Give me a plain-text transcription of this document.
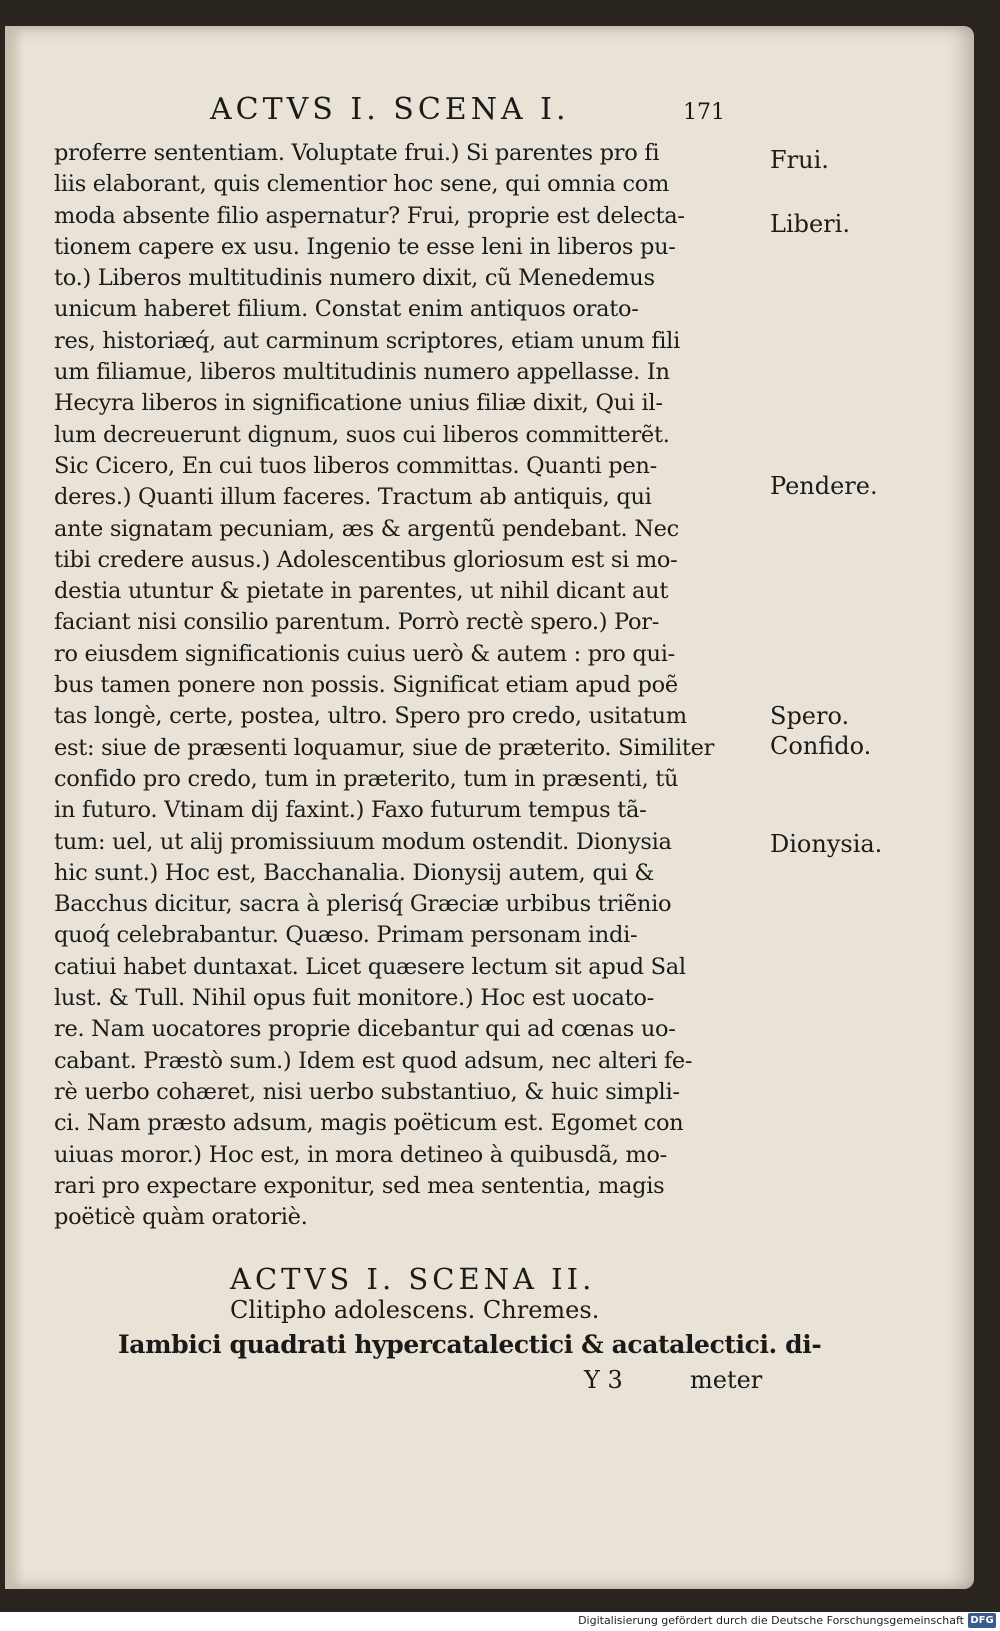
ACTVS I. SCENA I.	171
proferre sententiam. Voluptate frui.) Si parentes pro fi
liis elaborant, quis clementior hoc sene, qui omnia com
moda absente filio aspernatur? Frui, proprie est delecta-
tionem capere ex usu. Ingenio te esse leni in liberos pu-
to.) Liberos multitudinis numero dixit, cũ Menedemus
unicum haberet filium. Constat enim antiquos orato-
res, historiæq́, aut carminum scriptores, etiam unum fili
um filiamue, liberos multitudinis numero appellasse. In
Hecyra liberos in significatione unius filiæ dixit, Qui il-
lum decreuerunt dignum, suos cui liberos committerẽt.
Sic Cicero, En cui tuos liberos committas. Quanti pen-
deres.) Quanti illum faceres. Tractum ab antiquis, qui
ante signatam pecuniam, æs & argentũ pendebant. Nec
tibi credere ausus.) Adolescentibus gloriosum est si mo-
destia utuntur & pietate in parentes, ut nihil dicant aut
faciant nisi consilio parentum. Porrò rectè spero.) Por-
ro eiusdem significationis cuius uerò & autem : pro qui-
bus tamen ponere non possis. Significat etiam apud poẽ
tas longè, certe, postea, ultro. Spero pro credo, usitatum
est: siue de præsenti loquamur, siue de præterito. Similiter
confido pro credo, tum in præterito, tum in præsenti, tũ
in futuro. Vtinam dij faxint.) Faxo futurum tempus tã-
tum: uel, ut alij promissiuum modum ostendit. Dionysia
hic sunt.) Hoc est, Bacchanalia. Dionysij autem, qui &
Bacchus dicitur, sacra à plerisq́ Græciæ urbibus triẽnio
quoq́ celebrabantur. Quæso. Primam personam indi-
catiui habet duntaxat. Licet quæsere lectum sit apud Sal
lust. & Tull. Nihil opus fuit monitore.) Hoc est uocato-
re. Nam uocatores proprie dicebantur qui ad cœnas uo-
cabant. Præstò sum.) Idem est quod adsum, nec alteri fe-
rè uerbo cohæret, nisi uerbo substantiuo, & huic simpli-
ci. Nam præsto adsum, magis poëticum est. Egomet con
uiuas moror.) Hoc est, in mora detineo à quibusdã, mo-
rari pro expectare exponitur, sed mea sententia, magis
poëticè quàm oratoriè.
Frui.
Liberi.
Pendere.
Spero.
Confido.
Dionysia.
ACTVS I. SCENA II.
Clitipho adolescens. Chremes.
Iambici quadrati hypercatalectici & acatalectici. di-
Y 3	meter
Digitalisierung gefördert durch die Deutsche Forschungsgemeinschaft DFG
